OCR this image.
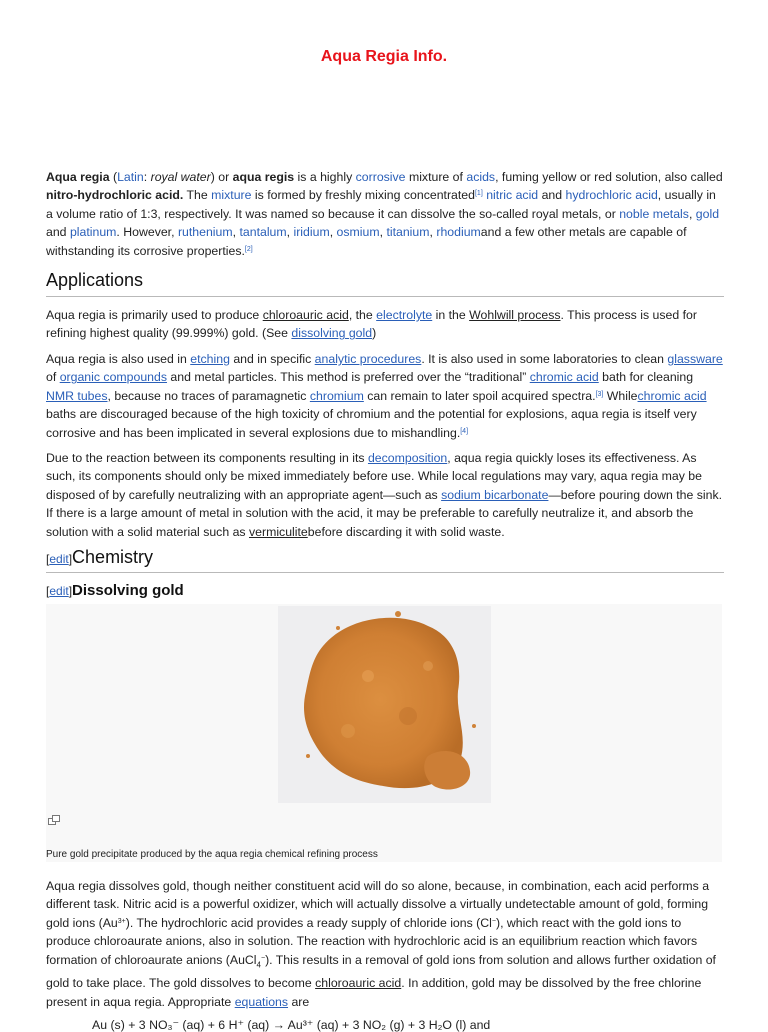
Aqua Regia Info.

Aqua regia (Latin: royal water) or aqua regis is a highly corrosive mixture of acids, fuming yellow or red solution, also called nitro-hydrochloric acid. The mixture is formed by freshly mixing concentrated[1] nitric acid and hydrochloric acid, usually in a volume ratio of 1:3, respectively. It was named so because it can dissolve the so-called royal metals, or noble metals, gold and platinum. However, ruthenium, tantalum, iridium, osmium, titanium, rhodiumand a few other metals are capable of withstanding its corrosive properties.[2]

Applications

Aqua regia is primarily used to produce chloroauric acid, the electrolyte in the Wohlwill process. This process is used for refining highest quality (99.999%) gold. (See dissolving gold)

Aqua regia is also used in etching and in specific analytic procedures. It is also used in some laboratories to clean glassware of organic compounds and metal particles. This method is preferred over the “traditional” chromic acid bath for cleaning NMR tubes, because no traces of paramagnetic chromium can remain to later spoil acquired spectra.[3] Whilechromic acid baths are discouraged because of the high toxicity of chromium and the potential for explosions, aqua regia is itself very corrosive and has been implicated in several explosions due to mishandling.[4]

Due to the reaction between its components resulting in its decomposition, aqua regia quickly loses its effectiveness. As such, its components should only be mixed immediately before use. While local regulations may vary, aqua regia may be disposed of by carefully neutralizing with an appropriate agent—such as sodium bicarbonate—before pouring down the sink. If there is a large amount of metal in solution with the acid, it may be preferable to carefully neutralize it, and absorb the solution with a solid material such as vermiculitebefore discarding it with solid waste.

[edit]Chemistry
[edit]Dissolving gold
Pure gold precipitate produced by the aqua regia chemical refining process

Aqua regia dissolves gold, though neither constituent acid will do so alone, because, in combination, each acid performs a different task. Nitric acid is a powerful oxidizer, which will actually dissolve a virtually undetectable amount of gold, forming gold ions $(Au^{3+})$. The hydrochloric acid provides a ready supply of chloride ions (Cl−), which react with the gold ions to produce chloroaurate anions, also in solution. The reaction with hydrochloric acid is an equilibrium reaction which favors formation of chloroaurate anions (AuCl$_4$−). This results in a removal of gold ions from solution and allows further oxidation of gold to take place. The gold dissolves to become chloroauric acid. In addition, gold may be dissolved by the free chlorine present in aqua regia. Appropriate equations are

Au (s) + 3 NO₃⁻ (aq) + 6 H⁺ (aq) → Au³⁺ (aq) + 3 NO₂ (g) + 3 H₂O (l) and
